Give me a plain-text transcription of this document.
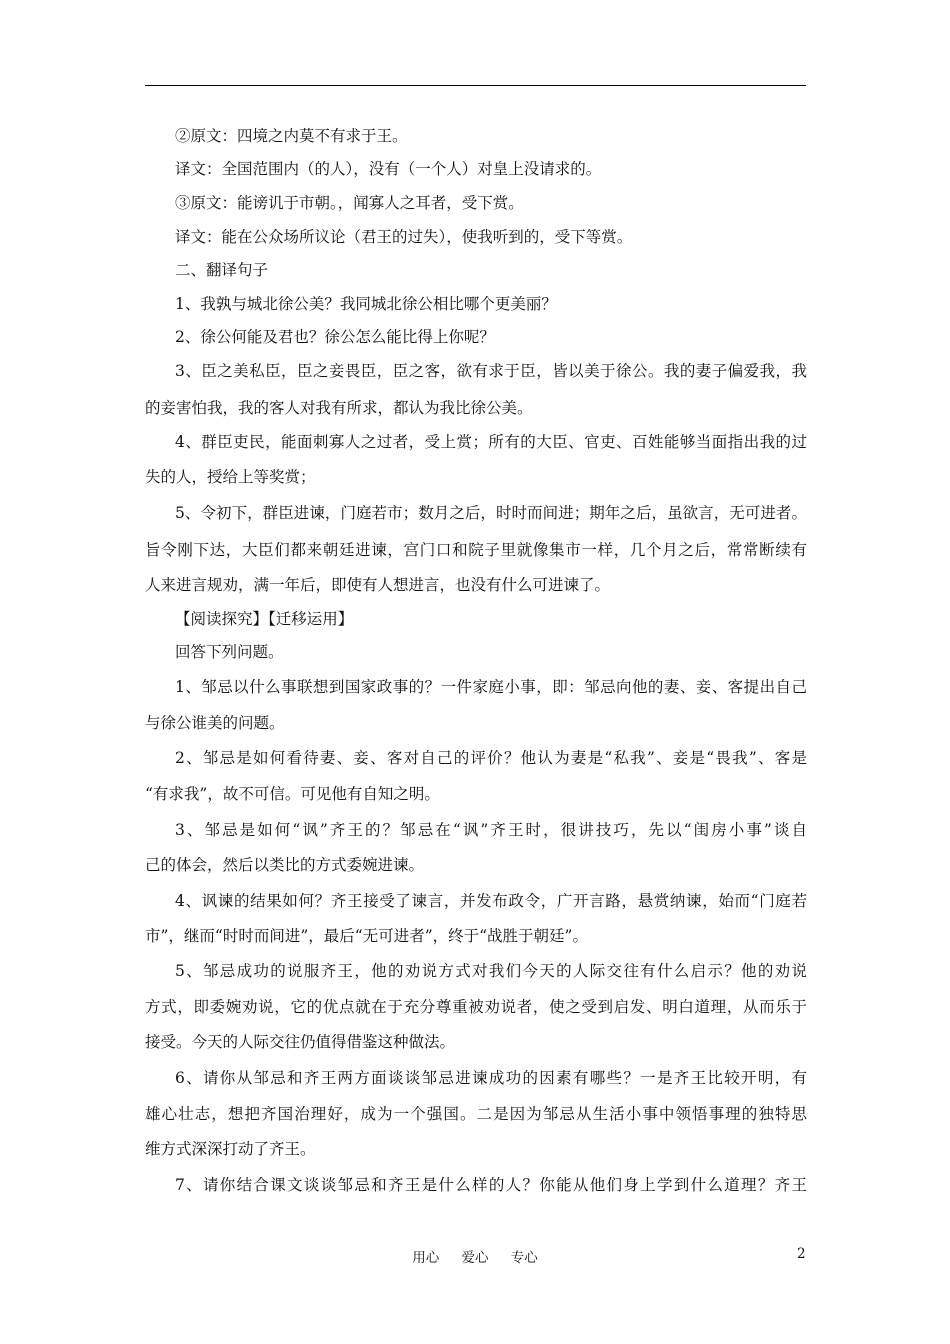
②原文：四境之内莫不有求于王。
译文：全国范围内（的人），没有（一个人）对皇上没请求的。
③原文：能谤讥于市朝。，闻寡人之耳者，受下赏。
译文：能在公众场所议论（君王的过失），使我听到的，受下等赏。
二、翻译句子
1、我孰与城北徐公美？我同城北徐公相比哪个更美丽？
2、徐公何能及君也？徐公怎么能比得上你呢？
3、臣之美私臣，臣之妾畏臣，臣之客，欲有求于臣，皆以美于徐公。我的妻子偏爱我，我
的妾害怕我，我的客人对我有所求，都认为我比徐公美。
4、群臣吏民，能面刺寡人之过者，受上赏；所有的大臣、官吏、百姓能够当面指出我的过
失的人，授给上等奖赏；
5、令初下，群臣进谏，门庭若市；数月之后，时时而间进；期年之后，虽欲言，无可进者。
旨令刚下达，大臣们都来朝廷进谏，宫门口和院子里就像集市一样，几个月之后，常常断续有
人来进言规劝，满一年后，即使有人想进言，也没有什么可进谏了。
【阅读探究】【迁移运用】
回答下列问题。
1、邹忌以什么事联想到国家政事的？一件家庭小事，即：邹忌向他的妻、妾、客提出自己
与徐公谁美的问题。
2、邹忌是如何看待妻、妾、客对自己的评价？他认为妻是“私我”、妾是“畏我”、客是
“有求我”，故不可信。可见他有自知之明。
3、邹忌是如何“讽”齐王的？邹忌在“讽”齐王时，很讲技巧，先以“闺房小事”谈自
己的体会，然后以类比的方式委婉进谏。
4、讽谏的结果如何？齐王接受了谏言，并发布政令，广开言路，悬赏纳谏，始而“门庭若
市”，继而“时时而间进”，最后“无可进者”，终于“战胜于朝廷”。
5、邹忌成功的说服齐王，他的劝说方式对我们今天的人际交往有什么启示？他的劝说
方式，即委婉劝说，它的优点就在于充分尊重被劝说者，使之受到启发、明白道理，从而乐于
接受。今天的人际交往仍值得借鉴这种做法。
6、请你从邹忌和齐王两方面谈谈邹忌进谏成功的因素有哪些？一是齐王比较开明，有
雄心壮志，想把齐国治理好，成为一个强国。二是因为邹忌从生活小事中领悟事理的独特思
维方式深深打动了齐王。
7、请你结合课文谈谈邹忌和齐王是什么样的人？你能从他们身上学到什么道理？齐王
用心 爱心 专心	2
